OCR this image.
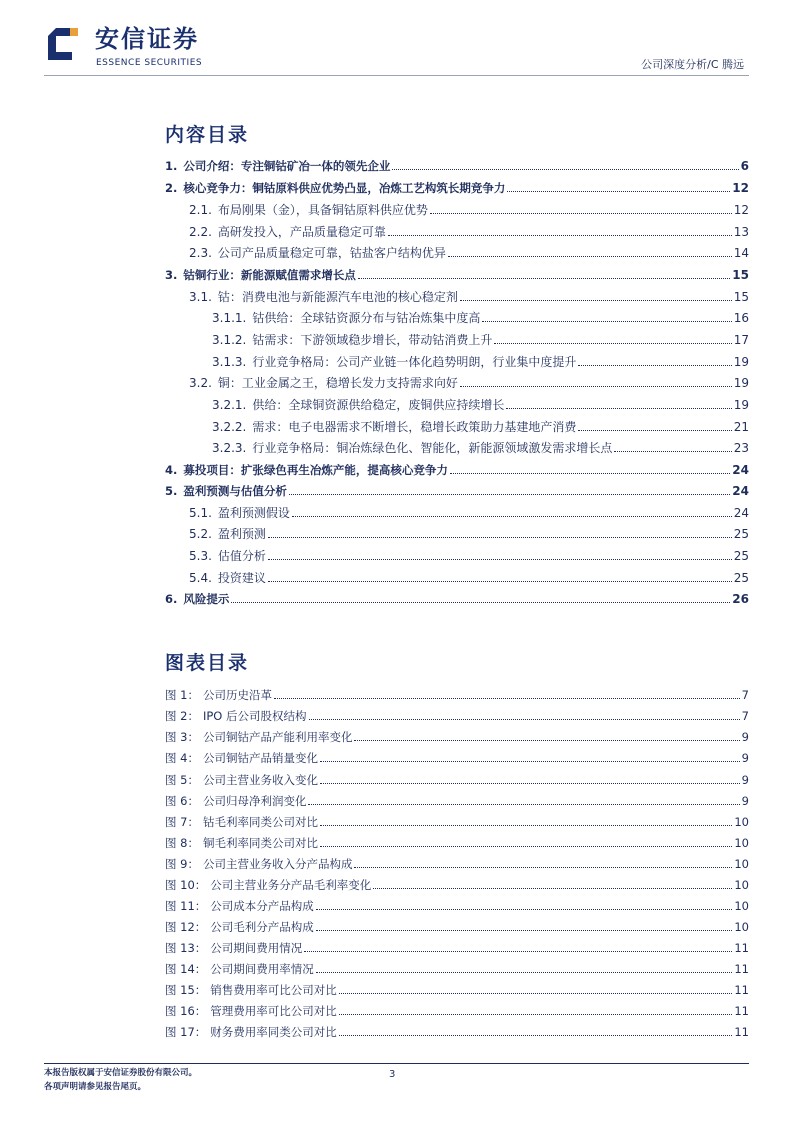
安信证券
ESSENCE SECURITIES	公司深度分析/C 腾远
内容目录
1. 公司介绍：专注铜钴矿冶一体的领先企业	6
2. 核心竞争力：铜钴原料供应优势凸显，冶炼工艺构筑长期竞争力	12
2.1. 布局刚果（金），具备铜钴原料供应优势	12
2.2. 高研发投入，产品质量稳定可靠	13
2.3. 公司产品质量稳定可靠，钴盐客户结构优异	14
3. 钴铜行业：新能源赋值需求增长点	15
3.1. 钴：消费电池与新能源汽车电池的核心稳定剂	15
3.1.1. 钴供给：全球钴资源分布与钴冶炼集中度高	16
3.1.2. 钴需求：下游领域稳步增长，带动钴消费上升	17
3.1.3. 行业竞争格局：公司产业链一体化趋势明朗，行业集中度提升	19
3.2. 铜：工业金属之王，稳增长发力支持需求向好	19
3.2.1. 供给：全球铜资源供给稳定，废铜供应持续增长	19
3.2.2. 需求：电子电器需求不断增长，稳增长政策助力基建地产消费	21
3.2.3. 行业竞争格局：铜冶炼绿色化、智能化，新能源领域激发需求增长点	23
4. 募投项目：扩张绿色再生冶炼产能，提高核心竞争力	24
5. 盈利预测与估值分析	24
5.1. 盈利预测假设	24
5.2. 盈利预测	25
5.3. 估值分析	25
5.4. 投资建议	25
6. 风险提示	26
图表目录
图 1： 公司历史沿革	7
图 2： IPO 后公司股权结构	7
图 3： 公司铜钴产品产能利用率变化	9
图 4： 公司铜钴产品销量变化	9
图 5： 公司主营业务收入变化	9
图 6： 公司归母净利润变化	9
图 7： 钴毛利率同类公司对比	10
图 8： 铜毛利率同类公司对比	10
图 9： 公司主营业务收入分产品构成	10
图 10： 公司主营业务分产品毛利率变化	10
图 11： 公司成本分产品构成	10
图 12： 公司毛利分产品构成	10
图 13： 公司期间费用情况	11
图 14： 公司期间费用率情况	11
图 15： 销售费用率可比公司对比	11
图 16： 管理费用率可比公司对比	11
图 17： 财务费用率同类公司对比	11
本报告版权属于安信证券股份有限公司。
各项声明请参见报告尾页。
3
